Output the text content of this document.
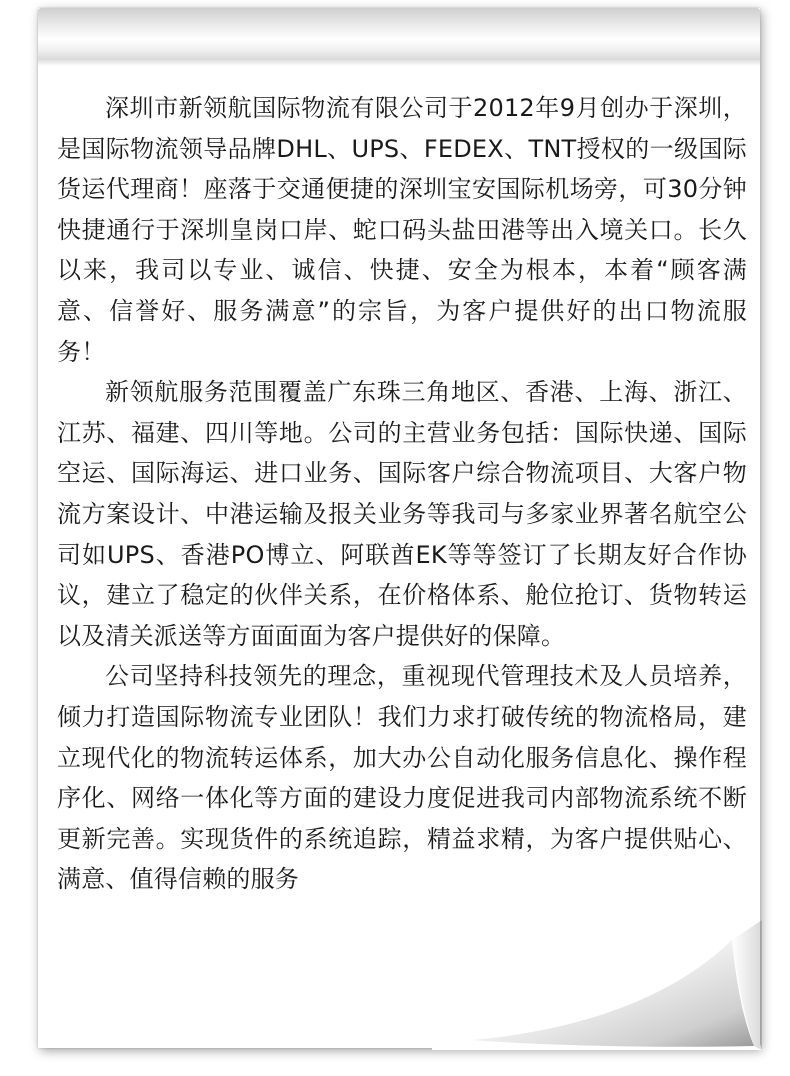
深圳市新领航国际物流有限公司于2012年9月创办于深圳，是国际物流领导品牌DHL、UPS、FEDEX、TNT授权的一级国际货运代理商！座落于交通便捷的深圳宝安国际机场旁，可30分钟快捷通行于深圳皇岗口岸、蛇口码头盐田港等出入境关口。长久以来，我司以专业、诚信、快捷、安全为根本，本着“顾客满意、信誉好、服务满意”的宗旨，为客户提供好的出口物流服务！

新领航服务范围覆盖广东珠三角地区、香港、上海、浙江、江苏、福建、四川等地。公司的主营业务包括：国际快递、国际空运、国际海运、进口业务、国际客户综合物流项目、大客户物流方案设计、中港运输及报关业务等我司与多家业界著名航空公司如UPS、香港PO博立、阿联酋EK等等签订了长期友好合作协议，建立了稳定的伙伴关系，在价格体系、舱位抢订、货物转运以及清关派送等方面面面为客户提供好的保障。

公司坚持科技领先的理念，重视现代管理技术及人员培养，倾力打造国际物流专业团队！我们力求打破传统的物流格局，建立现代化的物流转运体系，加大办公自动化服务信息化、操作程序化、网络一体化等方面的建设力度促进我司内部物流系统不断更新完善。实现货件的系统追踪，精益求精，为客户提供贴心、满意、值得信赖的服务
